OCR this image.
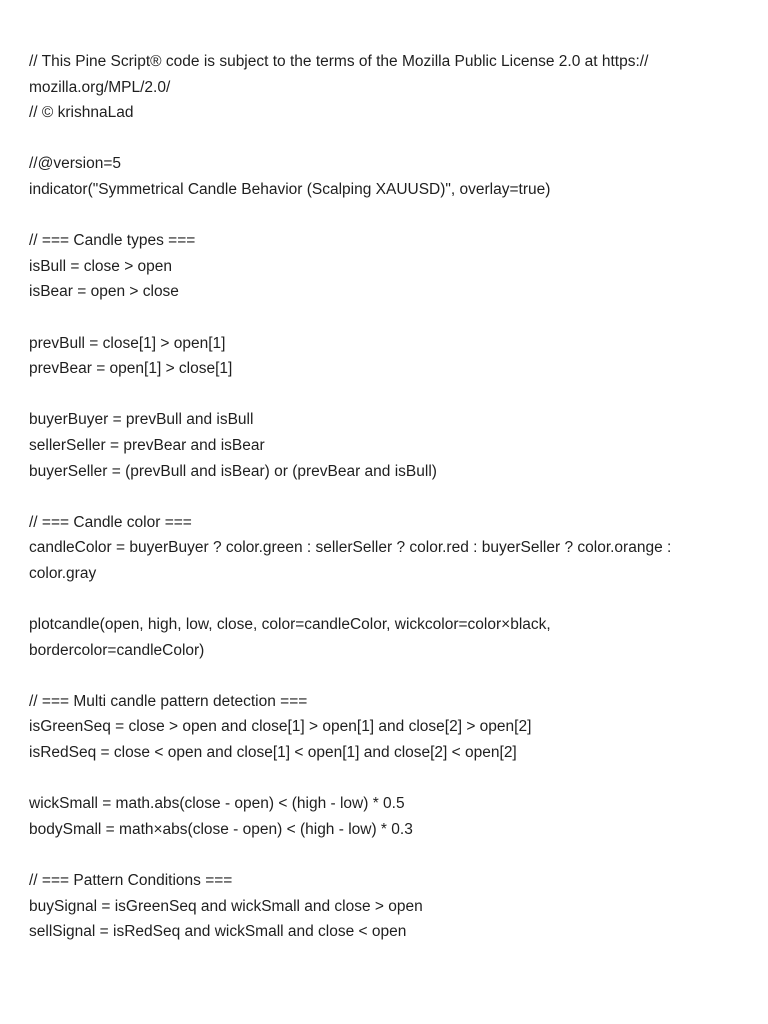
// This Pine Script® code is subject to the terms of the Mozilla Public License 2.0 at https://
mozilla.org/MPL/2.0/
// © krishnaLad
//@version=5
indicator("Symmetrical Candle Behavior (Scalping XAUUSD)", overlay=true)
// === Candle types ===
isBull = close > open
isBear = open > close
prevBull = close[1] > open[1]
prevBear = open[1] > close[1]
buyerBuyer = prevBull and isBull
sellerSeller = prevBear and isBear
buyerSeller = (prevBull and isBear) or (prevBear and isBull)
// === Candle color ===
candleColor = buyerBuyer ? color.green : sellerSeller ? color.red : buyerSeller ? color.orange :
color.gray
plotcandle(open, high, low, close, color=candleColor, wickcolor=color×black,
bordercolor=candleColor)
// === Multi candle pattern detection ===
isGreenSeq = close > open and close[1] > open[1] and close[2] > open[2]
isRedSeq = close < open and close[1] < open[1] and close[2] < open[2]
wickSmall = math.abs(close - open) < (high - low) * 0.5
bodySmall = math×abs(close - open) < (high - low) * 0.3
// === Pattern Conditions ===
buySignal = isGreenSeq and wickSmall and close > open
sellSignal = isRedSeq and wickSmall and close < open
